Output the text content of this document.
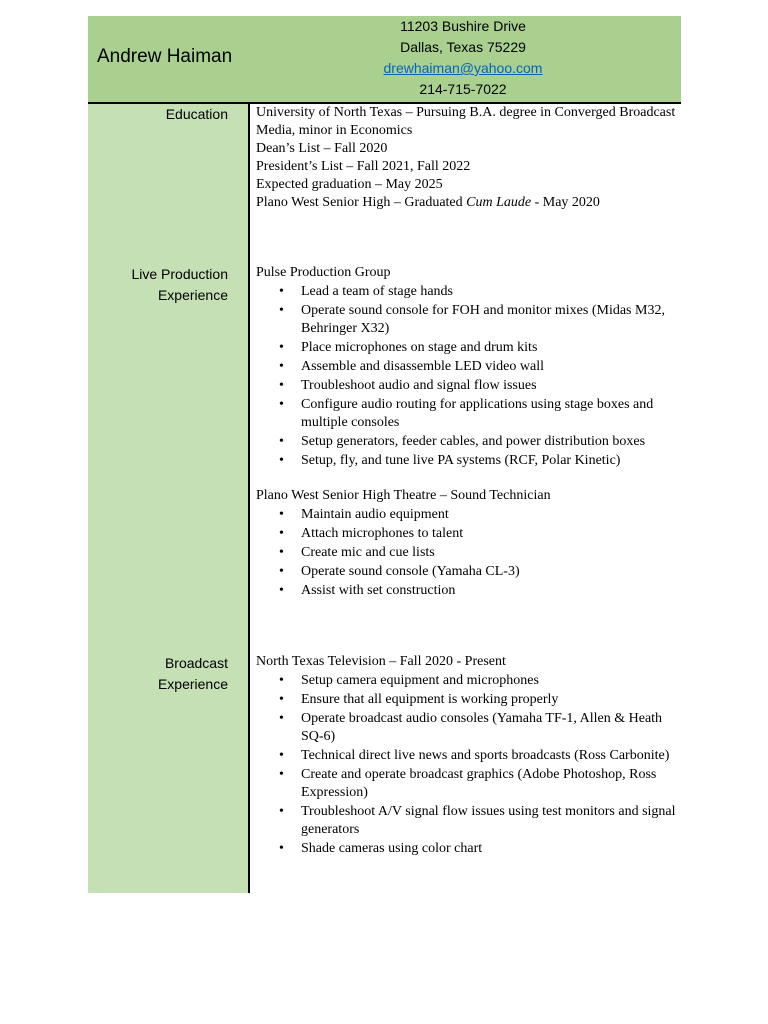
Andrew Haiman
11203 Bushire Drive
Dallas, Texas 75229
drewhaiman@yahoo.com
214-715-7022
Education University of North Texas – Pursuing B.A. degree in Converged Broadcast Media, minor in Economics

Dean’s List – Fall 2020

President’s List – Fall 2021, Fall 2022

Expected graduation – May 2025

Plano West Senior High – Graduated Cum Laude - May 2020

Live Production
Experience

Pulse Production Group

• Lead a team of stage hands
• Operate sound console for FOH and monitor mixes (Midas M32, Behringer X32)
• Place microphones on stage and drum kits
• Assemble and disassemble LED video wall
• Troubleshoot audio and signal flow issues
• Configure audio routing for applications using stage boxes and multiple consoles
• Setup generators, feeder cables, and power distribution boxes
• Setup, fly, and tune live PA systems (RCF, Polar Kinetic)

Plano West Senior High Theatre – Sound Technician

• Maintain audio equipment
• Attach microphones to talent
• Create mic and cue lists
• Operate sound console (Yamaha CL-3)
• Assist with set construction
Broadcast
Experience

North Texas Television – Fall 2020 - Present

• Setup camera equipment and microphones
• Ensure that all equipment is working properly
• Operate broadcast audio consoles (Yamaha TF-1, Allen & Heath SQ-6)
• Technical direct live news and sports broadcasts (Ross Carbonite)
• Create and operate broadcast graphics (Adobe Photoshop, Ross Expression)
• Troubleshoot A/V signal flow issues using test monitors and signal generators
• Shade cameras using color chart
